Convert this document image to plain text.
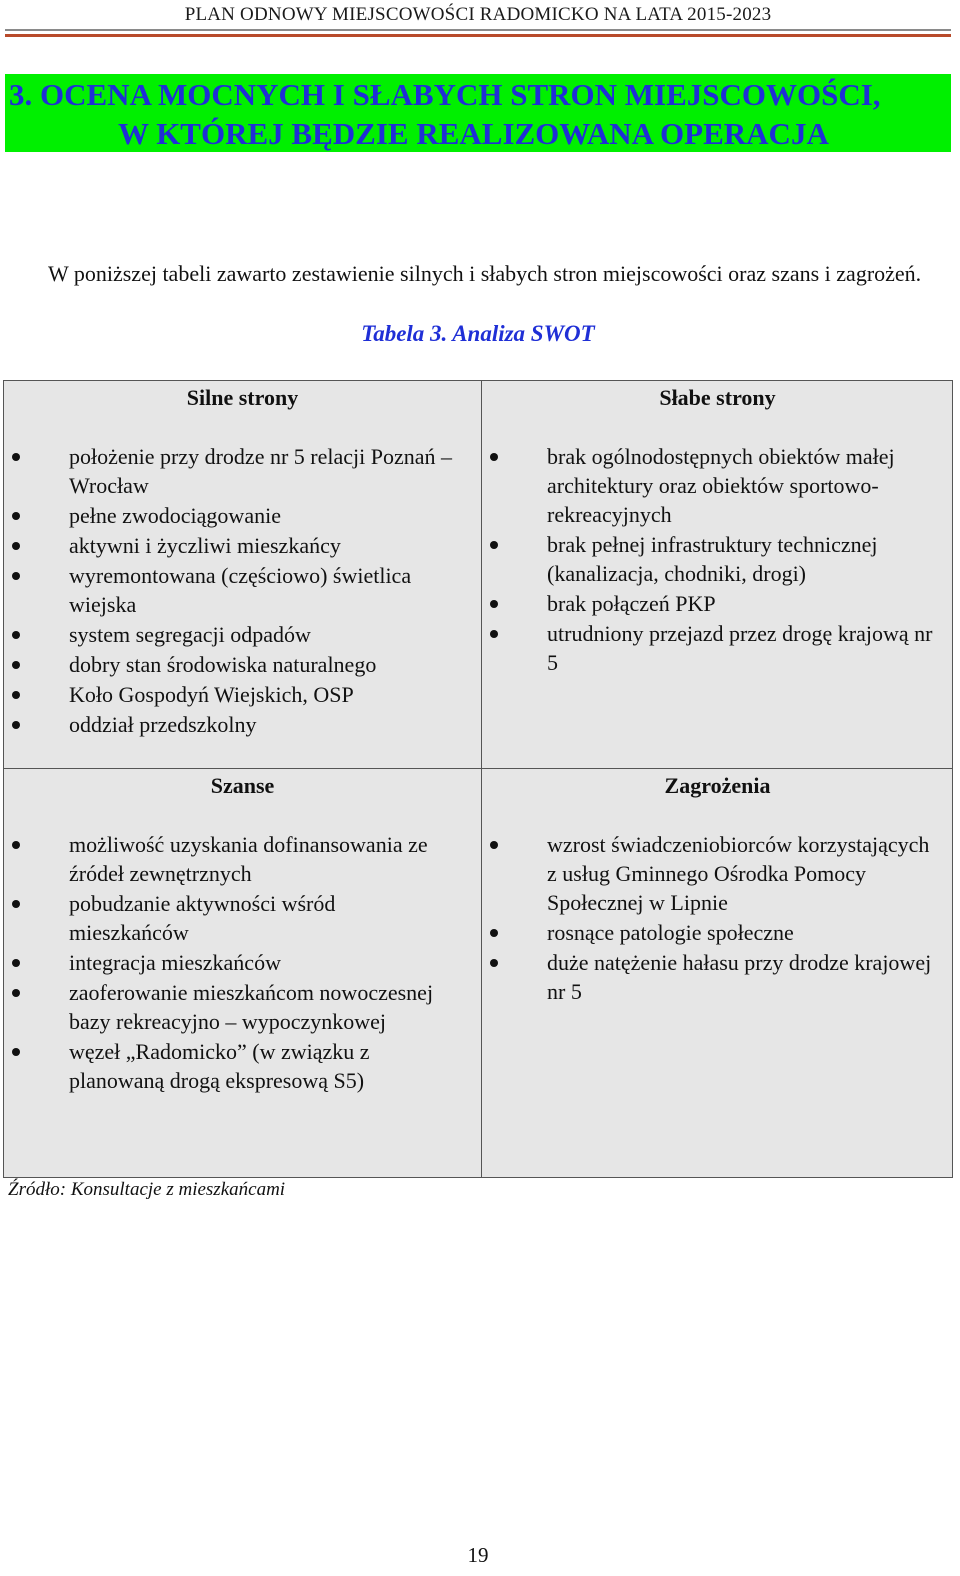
PLAN ODNOWY MIEJSCOWOŚCI RADOMICKO NA LATA 2015-2023
3. OCENA MOCNYCH I SŁABYCH STRON MIEJSCOWOŚCI,
W KTÓREJ BĘDZIE REALIZOWANA OPERACJA

W poniższej tabeli zawarto zestawienie silnych i słabych stron miejscowości oraz szans i zagrożeń.

Tabela 3. Analiza SWOT
Silne strony
położenie przy drodze nr 5 relacji Poznań –Wrocław
pełne zwodociągowanie
aktywni i życzliwi mieszkańcy
wyremontowana (częściowo) świetlica wiejska
system segregacji odpadów
dobry stan środowiska naturalnego
Koło Gospodyń Wiejskich, OSP
oddział przedszkolny
Słabe strony
brak ogólnodostępnych obiektów małej architektury oraz obiektów sportowo-rekreacyjnych
brak pełnej infrastruktury technicznej (kanalizacja, chodniki, drogi)
brak połączeń PKP
utrudniony przejazd przez drogę krajową nr 5
Szanse
możliwość uzyskania dofinansowania ze źródeł zewnętrznych
pobudzanie aktywności wśród mieszkańców
integracja mieszkańców
zaoferowanie mieszkańcom nowoczesnej bazy rekreacyjno – wypoczynkowej
węzeł „Radomicko” (w związku z planowaną drogą ekspresową S5)
Zagrożenia
wzrost świadczeniobiorców korzystających z usług Gminnego Ośrodka Pomocy Społecznej w Lipnie
rosnące patologie społeczne
duże natężenie hałasu przy drodze krajowej nr 5
Źródło: Konsultacje z mieszkańcami
19
